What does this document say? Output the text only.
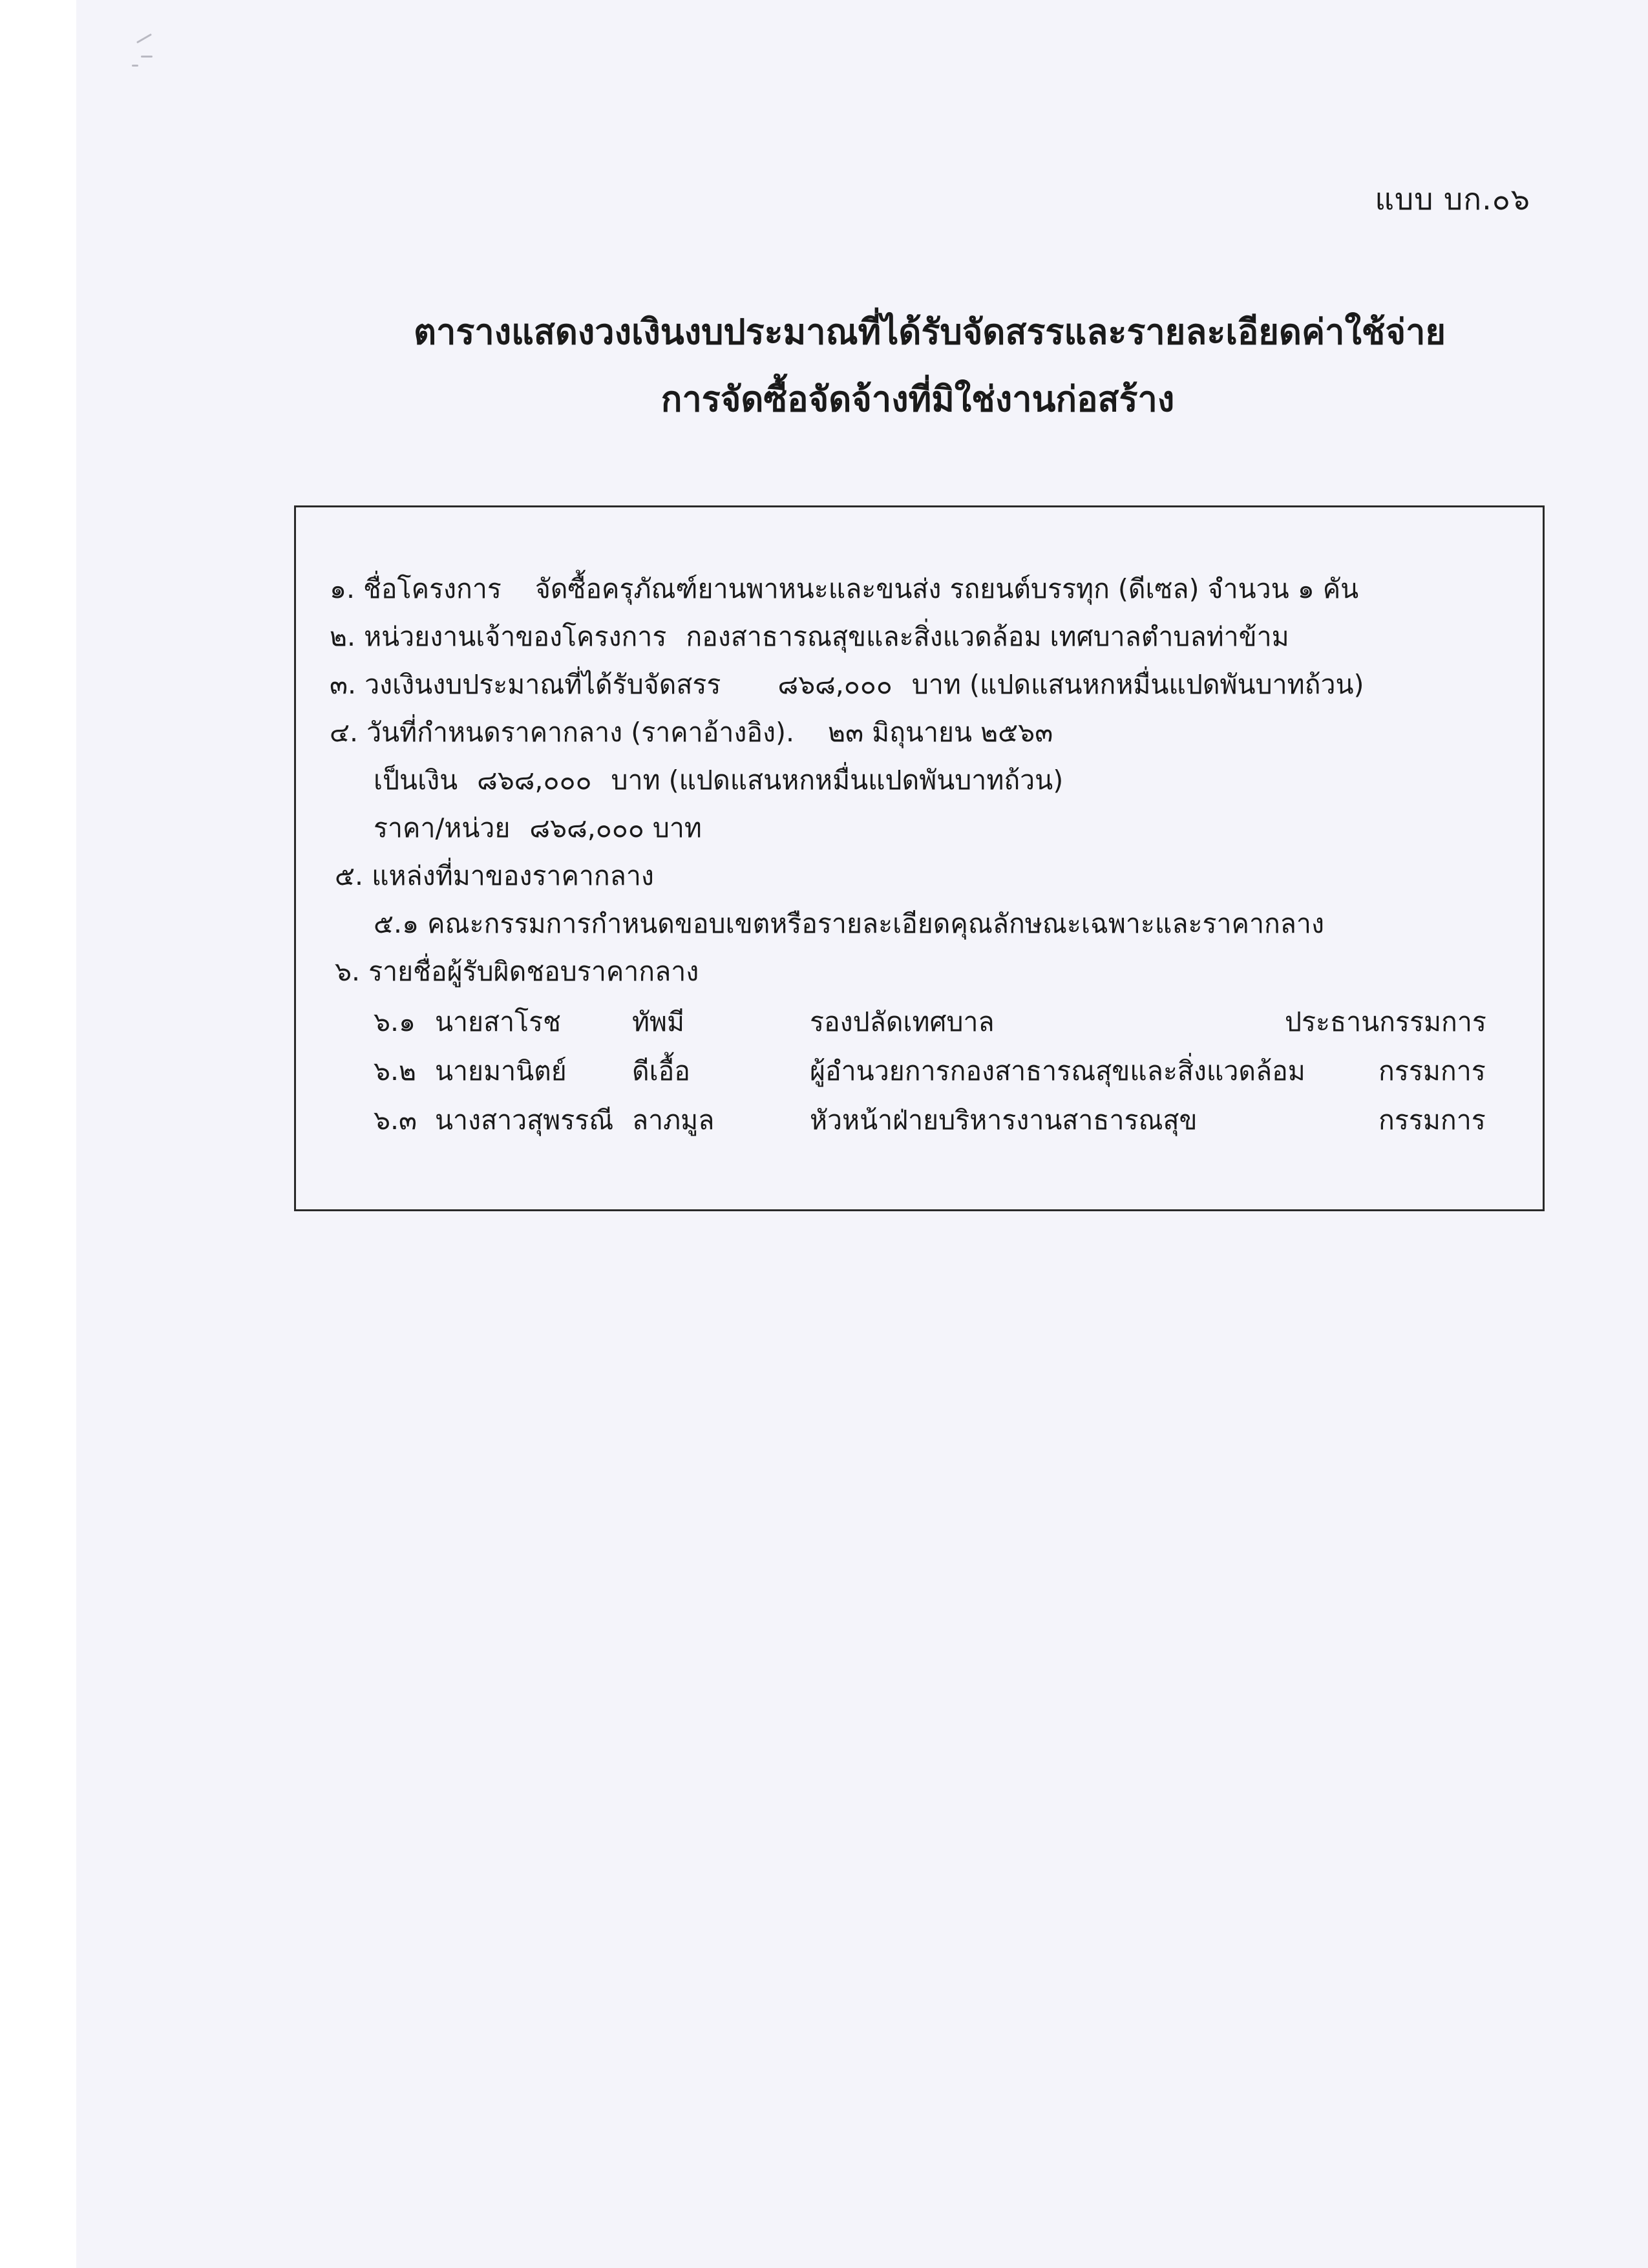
แบบ บก.๐๖
ตารางแสดงวงเงินงบประมาณที่ได้รับจัดสรรและรายละเอียดค่าใช้จ่าย
การจัดซื้อจัดจ้างที่มิใช่งานก่อสร้าง
๑. ชื่อโครงการ จัดซื้อครุภัณฑ์ยานพาหนะและขนส่ง รถยนต์บรรทุก (ดีเซล) จำนวน ๑ คัน
๒. หน่วยงานเจ้าของโครงการ กองสาธารณสุขและสิ่งแวดล้อม เทศบาลตำบลท่าข้าม
๓. วงเงินงบประมาณที่ได้รับจัดสรร ๘๖๘,๐๐๐ บาท (แปดแสนหกหมื่นแปดพันบาทถ้วน)
๔. วันที่กำหนดราคากลาง (ราคาอ้างอิง). ๒๓ มิถุนายน ๒๕๖๓
เป็นเงิน ๘๖๘,๐๐๐ บาท (แปดแสนหกหมื่นแปดพันบาทถ้วน)
ราคา/หน่วย ๘๖๘,๐๐๐ บาท
๕. แหล่งที่มาของราคากลาง
๕.๑ คณะกรรมการกำหนดขอบเขตหรือรายละเอียดคุณลักษณะเฉพาะและราคากลาง
๖. รายชื่อผู้รับผิดชอบราคากลาง
๖.๑ นายสาโรช	ทัพมี	รองปลัดเทศบาล	ประธานกรรมการ
๖.๒ นายมานิตย์ ดีเอื้อ	ผู้อำนวยการกองสาธารณสุขและสิ่งแวดล้อม	กรรมการ
๖.๓ นางสาวสุพรรณี ลาภมูล	หัวหน้าฝ่ายบริหารงานสาธารณสุข	กรรมการ
